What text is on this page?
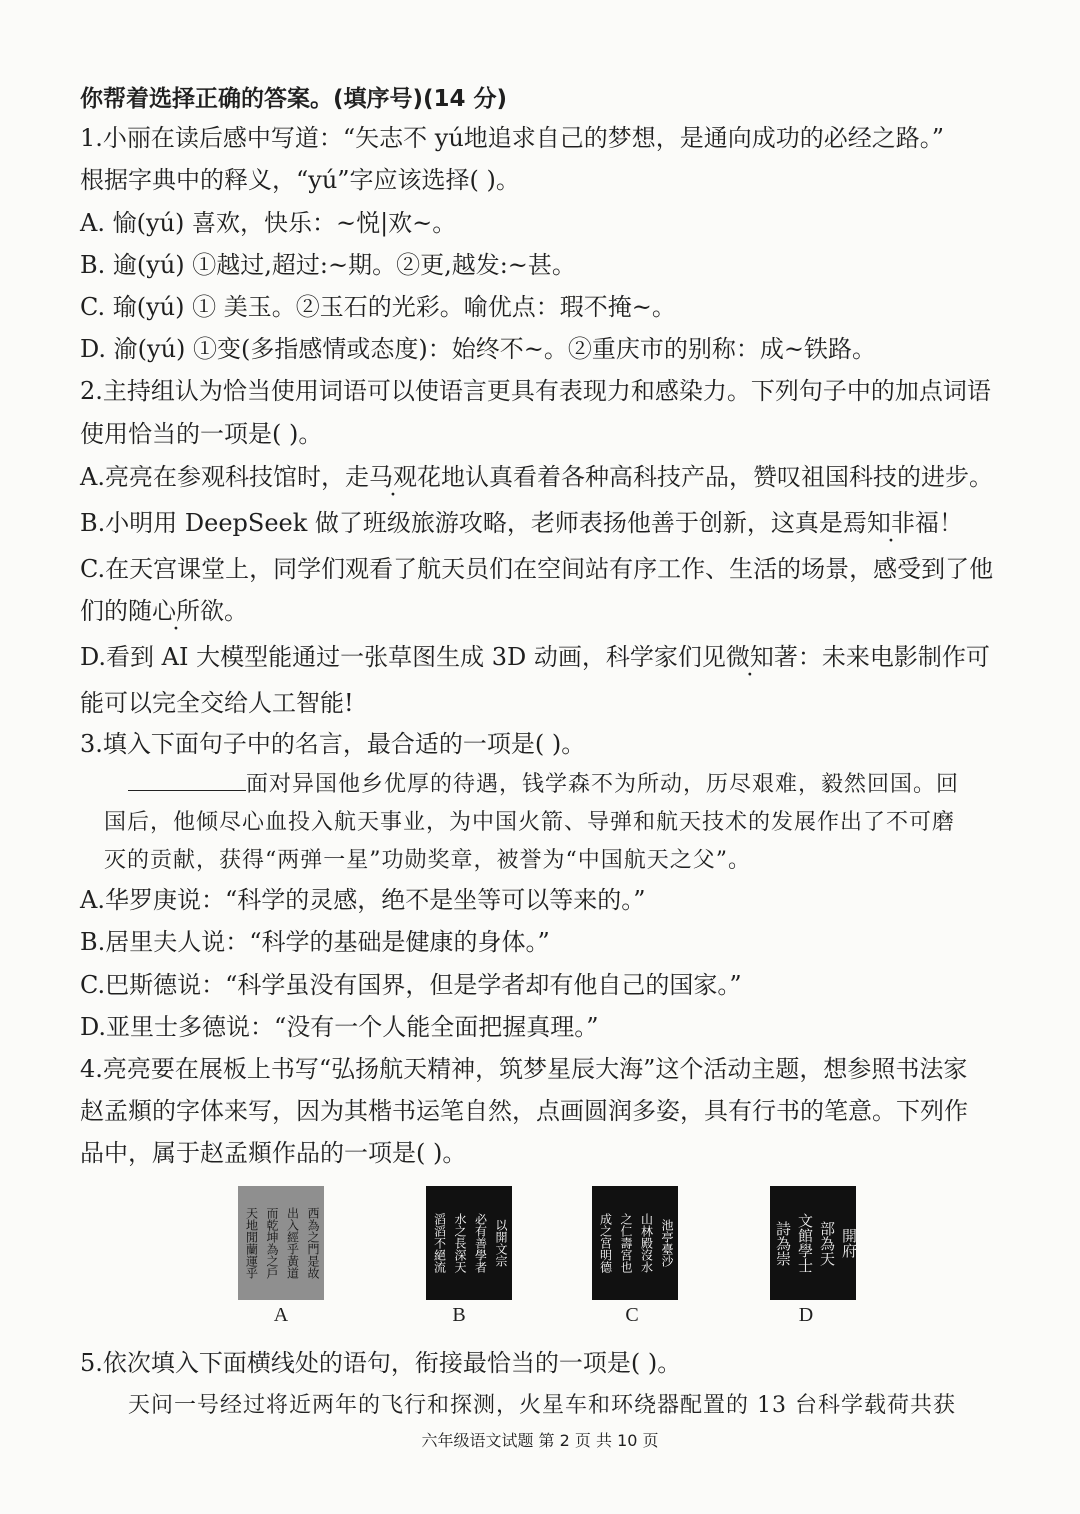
你帮着选择正确的答案。(填序号)(14 分)
1.小丽在读后感中写道：“矢志不 yú地追求自己的梦想，是通向成功的必经之路。”
根据字典中的释义，“yú”字应该选择( )。
A. 愉(yú) 喜欢，快乐：~悦|欢~。
B. 逾(yú) ①越过,超过:~期。②更,越发:~甚。
C. 瑜(yú) ① 美玉。②玉石的光彩。喻优点：瑕不掩~。
D. 渝(yú) ①变(多指感情或态度)：始终不~。②重庆市的别称：成~铁路。
2.主持组认为恰当使用词语可以使语言更具有表现力和感染力。下列句子中的加点词语
使用恰当的一项是( )。
A.亮亮在参观科技馆时，走马观花地认真看着各种高科技产品，赞叹祖国科技的进步。
B.小明用 DeepSeek 做了班级旅游攻略，老师表扬他善于创新，这真是焉知非福！
C.在天宫课堂上，同学们观看了航天员们在空间站有序工作、生活的场景，感受到了他
们的随心所欲。
D.看到 AI 大模型能通过一张草图生成 3D 动画，科学家们见微知著：未来电影制作可
能可以完全交给人工智能!
3.填入下面句子中的名言，最合适的一项是( )。
面对异国他乡优厚的待遇，钱学森不为所动，历尽艰难，毅然回国。回
国后，他倾尽心血投入航天事业，为中国火箭、导弹和航天技术的发展作出了不可磨
灭的贡献，获得“两弹一星”功勋奖章，被誉为“中国航天之父”。
A.华罗庚说：“科学的灵感，绝不是坐等可以等来的。”
B.居里夫人说：“科学的基础是健康的身体。”
C.巴斯德说：“科学虽没有国界，但是学者却有他自己的国家。”
D.亚里士多德说：“没有一个人能全面把握真理。”
4.亮亮要在展板上书写“弘扬航天精神，筑梦星辰大海”这个活动主题，想参照书法家
赵孟頫的字体来写，因为其楷书运笔自然，点画圆润多姿，具有行书的笔意。下列作
品中，属于赵孟頫作品的一项是( )。
天地閒蘭運乎 而乾坤為之戶 出入經乎黃道 西為之門是故
A
滔滔不絕流 水之長深天 必有善學者 以開文宗
B
成之宮明德 之仁壽宮也 山林殿沒水 池亭臺沙
C
詩為崇 文館學士 部為天 開府
D
5.依次填入下面横线处的语句，衔接最恰当的一项是( )。
天问一号经过将近两年的飞行和探测，火星车和环绕器配置的 13 台科学载荷共获
六年级语文试题 第 2 页 共 10 页
